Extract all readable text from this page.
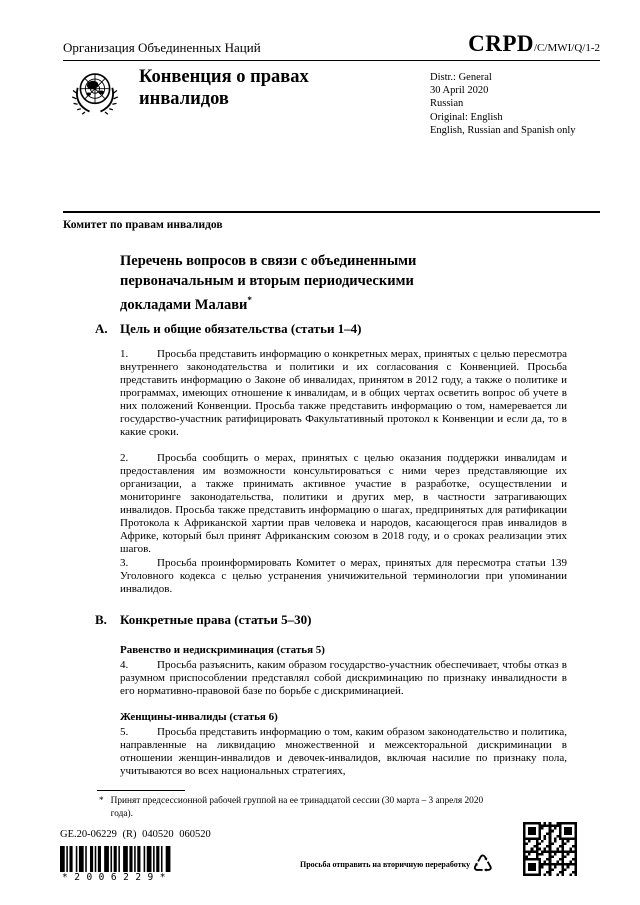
Организация Объединенных Наций	CRPD/C/MWI/Q/1-2
Конвенция о правах инвалидов
Distr.: General
30 April 2020
Russian
Original: English
English, Russian and Spanish only
Комитет по правам инвалидов
Перечень вопросов в связи с объединенными первоначальным и вторым периодическими докладами Малави*
A. Цель и общие обязательства (статьи 1–4)

1.	Просьба представить информацию о конкретных мерах, принятых с целью пересмотра внутреннего законодательства и политики и их согласования с Конвенцией. Просьба представить информацию о Законе об инвалидах, принятом в 2012 году, а также о политике и программах, имеющих отношение к инвалидам, и в общих чертах осветить вопрос об учете в них положений Конвенции. Просьба также представить информацию о том, намеревается ли государство-участник ратифицировать Факультативный протокол к Конвенции и если да, то в какие сроки.

2.	Просьба сообщить о мерах, принятых с целью оказания поддержки инвалидам и предоставления им возможности консультироваться с ними через представляющие их организации, а также принимать активное участие в разработке, осуществлении и мониторинге законодательства, политики и других мер, в частности затрагивающих инвалидов. Просьба также представить информацию о шагах, предпринятых для ратификации Протокола к Африканской хартии прав человека и народов, касающегося прав инвалидов в Африке, который был принят Африканским союзом в 2018 году, и о сроках реализации этих шагов.

3.	Просьба проинформировать Комитет о мерах, принятых для пересмотра статьи 139 Уголовного кодекса с целью устранения уничижительной терминологии при упоминании инвалидов.

B.	Конкретные права (статьи 5–30)
Равенство и недискриминация (статья 5)

4.	Просьба разъяснить, каким образом государство-участник обеспечивает, чтобы отказ в разумном приспособлении представлял собой дискриминацию по признаку инвалидности в его нормативно-правовой базе по борьбе с дискриминацией.

Женщины-инвалиды (статья 6)

5.	Просьба представить информацию о том, каким образом законодательство и политика, направленные на ликвидацию множественной и межсекторальной дискриминации в отношении женщин-инвалидов и девочек-инвалидов, включая насилие по признаку пола, учитываются во всех национальных стратегиях,

* Принят предсессионной рабочей группой на ее тринадцатой сессии (30 марта – 3 апреля 2020 года).
GE.20-06229 (R) 040520 060520
*2006229*
Просьба отправить на вторичную переработку ♺
